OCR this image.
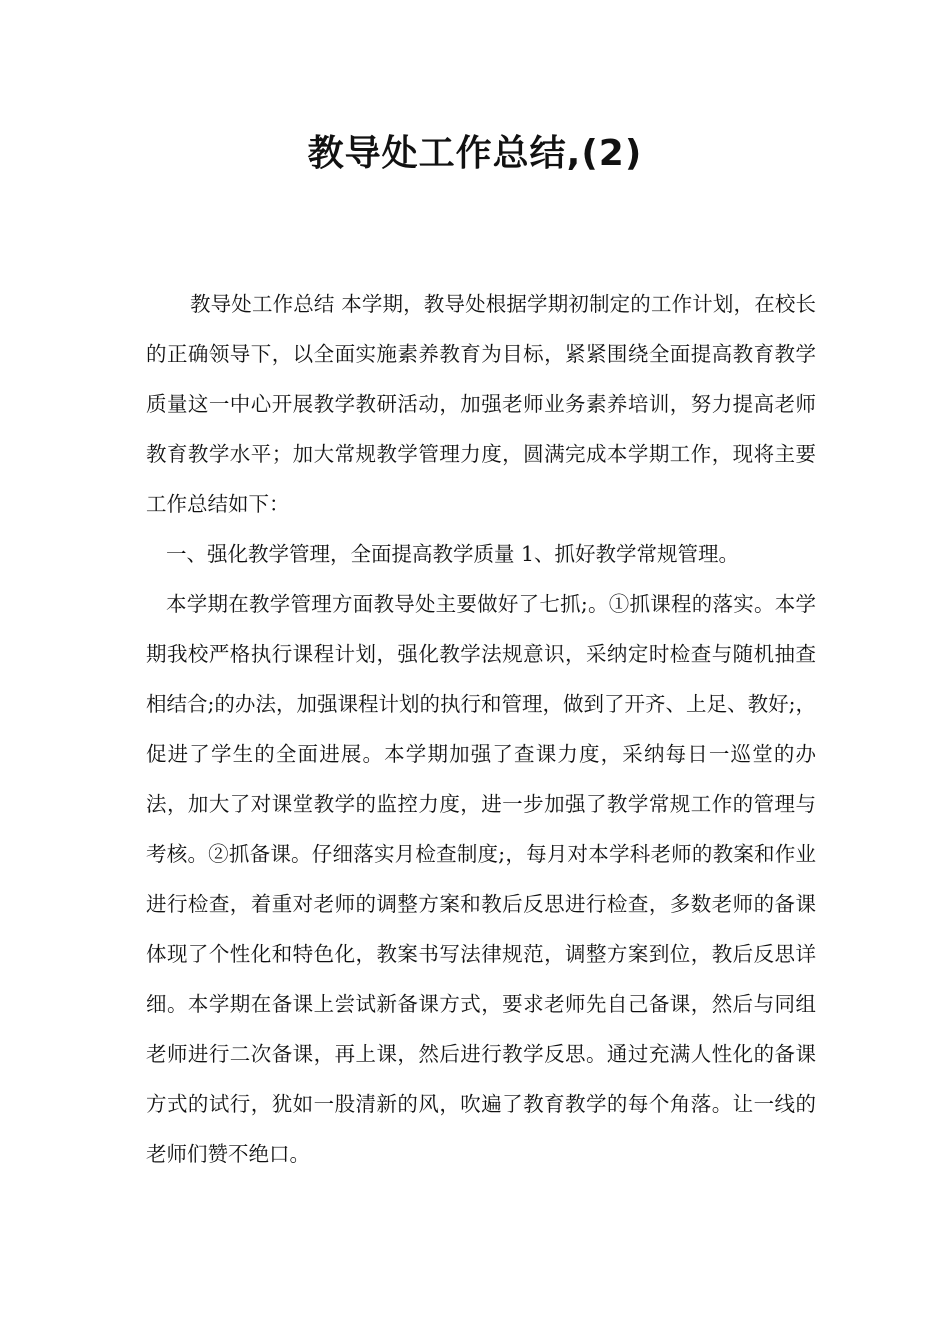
教导处工作总结,(2)

教导处工作总结 本学期，教导处根据学期初制定的工作计划，在校长的正确领导下，以全面实施素养教育为目标，紧紧围绕全面提高教育教学质量这一中心开展教学教研活动，加强老师业务素养培训，努力提高老师教育教学水平；加大常规教学管理力度，圆满完成本学期工作，现将主要工作总结如下：

一、强化教学管理，全面提高教学质量 1、抓好教学常规管理。

本学期在教学管理方面教导处主要做好了七抓;。①抓课程的落实。本学期我校严格执行课程计划，强化教学法规意识，采纳定时检查与随机抽查相结合;的办法，加强课程计划的执行和管理，做到了开齐、上足、教好;，促进了学生的全面进展。本学期加强了查课力度，采纳每日一巡堂的办法，加大了对课堂教学的监控力度，进一步加强了教学常规工作的管理与考核。②抓备课。仔细落实月检查制度;，每月对本学科老师的教案和作业进行检查，着重对老师的调整方案和教后反思进行检查，多数老师的备课体现了个性化和特色化，教案书写法律规范，调整方案到位，教后反思详细。本学期在备课上尝试新备课方式，要求老师先自己备课，然后与同组老师进行二次备课，再上课，然后进行教学反思。通过充满人性化的备课方式的试行，犹如一股清新的风，吹遍了教育教学的每个角落。让一线的老师们赞不绝口。
